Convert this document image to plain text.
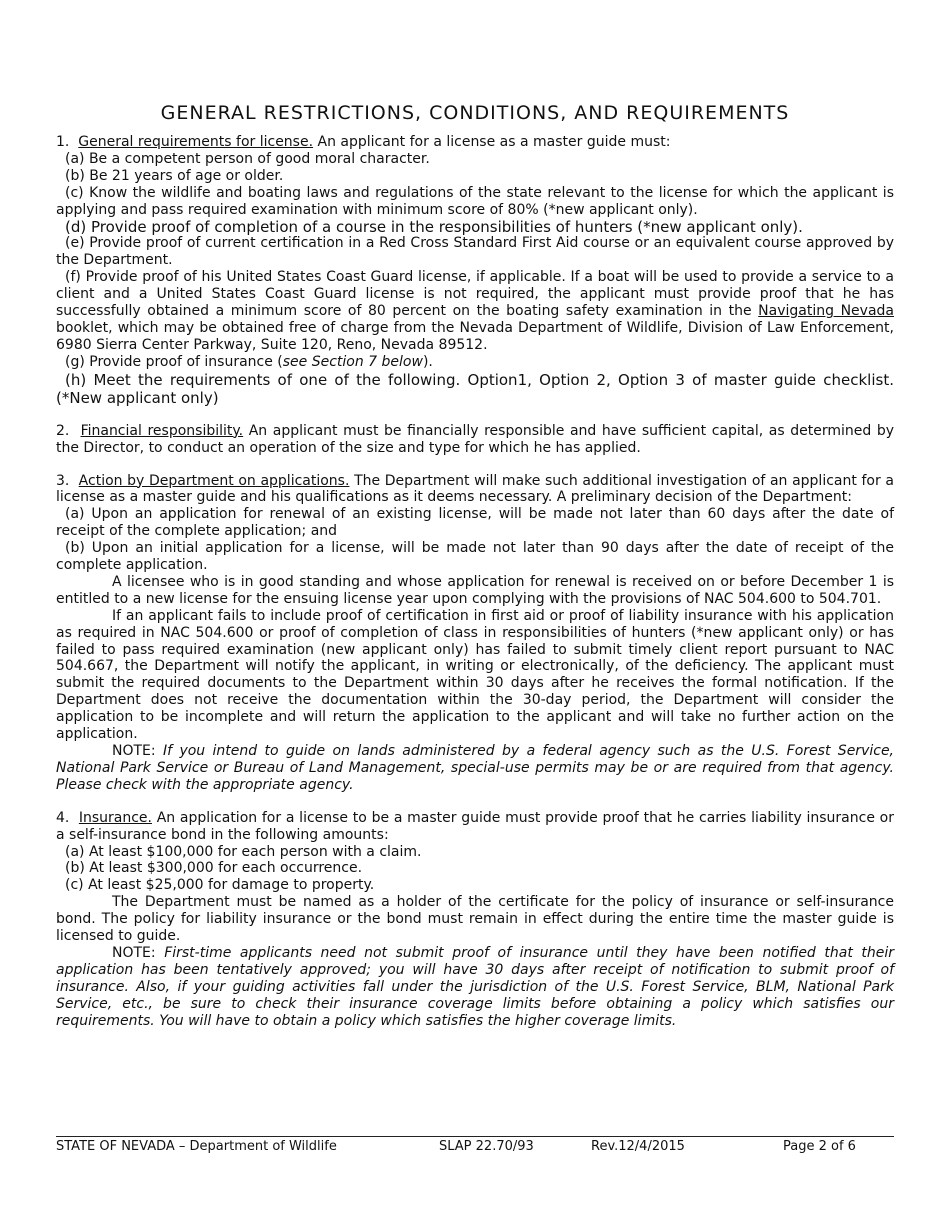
GENERAL RESTRICTIONS, CONDITIONS, AND REQUIREMENTS

1. General requirements for license. An applicant for a license as a master guide must:

(a) Be a competent person of good moral character.

(b) Be 21 years of age or older.

(c) Know the wildlife and boating laws and regulations of the state relevant to the license for which the applicant is applying and pass required examination with minimum score of 80% (*new applicant only).

(d) Provide proof of completion of a course in the responsibilities of hunters (*new applicant only).

(e) Provide proof of current certification in a Red Cross Standard First Aid course or an equivalent course approved by the Department.

(f) Provide proof of his United States Coast Guard license, if applicable. If a boat will be used to provide a service to a client and a United States Coast Guard license is not required, the applicant must provide proof that he has successfully obtained a minimum score of 80 percent on the boating safety examination in the Navigating Nevada booklet, which may be obtained free of charge from the Nevada Department of Wildlife, Division of Law Enforcement, 6980 Sierra Center Parkway, Suite 120, Reno, Nevada 89512.

(g) Provide proof of insurance (see Section 7 below).

(h) Meet the requirements of one of the following. Option1, Option 2, Option 3 of master guide checklist. (*New applicant only)

2. Financial responsibility. An applicant must be financially responsible and have sufficient capital, as determined by the Director, to conduct an operation of the size and type for which he has applied.

3. Action by Department on applications. The Department will make such additional investigation of an applicant for a license as a master guide and his qualifications as it deems necessary. A preliminary decision of the Department:

(a) Upon an application for renewal of an existing license, will be made not later than 60 days after the date of receipt of the complete application; and

(b) Upon an initial application for a license, will be made not later than 90 days after the date of receipt of the complete application.

A licensee who is in good standing and whose application for renewal is received on or before December 1 is entitled to a new license for the ensuing license year upon complying with the provisions of NAC 504.600 to 504.701.

If an applicant fails to include proof of certification in first aid or proof of liability insurance with his application as required in NAC 504.600 or proof of completion of class in responsibilities of hunters (*new applicant only) or has failed to pass required examination (new applicant only) has failed to submit timely client report pursuant to NAC 504.667, the Department will notify the applicant, in writing or electronically, of the deficiency. The applicant must submit the required documents to the Department within 30 days after he receives the formal notification. If the Department does not receive the documentation within the 30-day period, the Department will consider the application to be incomplete and will return the application to the applicant and will take no further action on the application.

NOTE: If you intend to guide on lands administered by a federal agency such as the U.S. Forest Service, National Park Service or Bureau of Land Management, special-use permits may be or are required from that agency. Please check with the appropriate agency.

4. Insurance. An application for a license to be a master guide must provide proof that he carries liability insurance or a self-insurance bond in the following amounts:

(a) At least $100,000 for each person with a claim.

(b) At least $300,000 for each occurrence.

(c) At least $25,000 for damage to property.

The Department must be named as a holder of the certificate for the policy of insurance or self-insurance bond. The policy for liability insurance or the bond must remain in effect during the entire time the master guide is licensed to guide.

NOTE: First-time applicants need not submit proof of insurance until they have been notified that their application has been tentatively approved; you will have 30 days after receipt of notification to submit proof of insurance. Also, if your guiding activities fall under the jurisdiction of the U.S. Forest Service, BLM, National Park Service, etc., be sure to check their insurance coverage limits before obtaining a policy which satisfies our requirements. You will have to obtain a policy which satisfies the higher coverage limits.

STATE OF NEVADA – Department of Wildlife	SLAP 22.70/93	Rev.12/4/2015	Page 2 of 6
